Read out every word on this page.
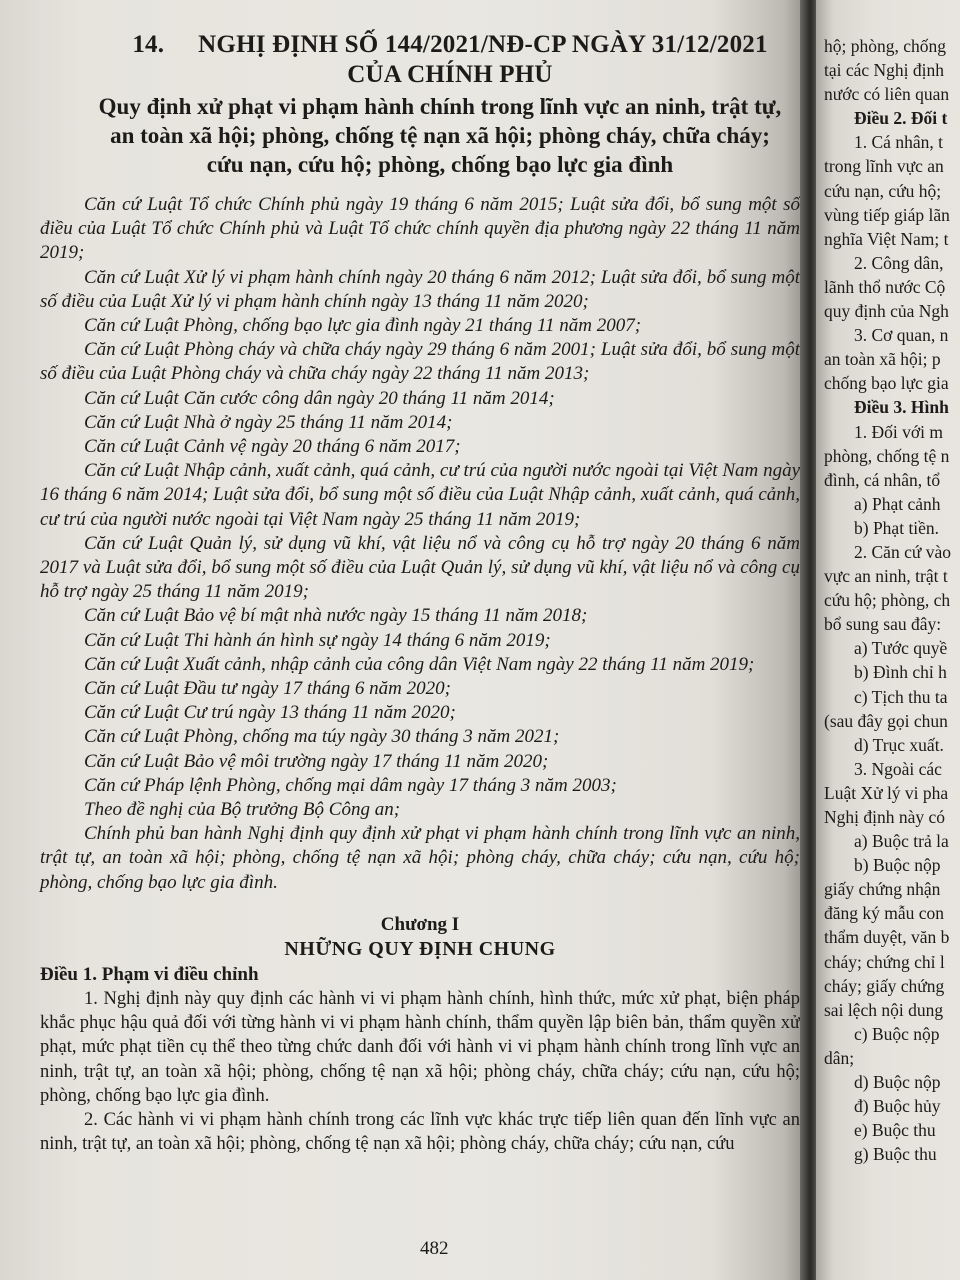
14. NGHỊ ĐỊNH SỐ 144/2021/NĐ-CP NGÀY 31/12/2021
CỦA CHÍNH PHỦ
Quy định xử phạt vi phạm hành chính trong lĩnh vực an ninh, trật tự,
an toàn xã hội; phòng, chống tệ nạn xã hội; phòng cháy, chữa cháy;
cứu nạn, cứu hộ; phòng, chống bạo lực gia đình

Căn cứ Luật Tổ chức Chính phủ ngày 19 tháng 6 năm 2015; Luật sửa đổi, bổ sung một số điều của Luật Tổ chức Chính phủ và Luật Tổ chức chính quyền địa phương ngày 22 tháng 11 năm 2019;

Căn cứ Luật Xử lý vi phạm hành chính ngày 20 tháng 6 năm 2012; Luật sửa đổi, bổ sung một số điều của Luật Xử lý vi phạm hành chính ngày 13 tháng 11 năm 2020;

Căn cứ Luật Phòng, chống bạo lực gia đình ngày 21 tháng 11 năm 2007;

Căn cứ Luật Phòng cháy và chữa cháy ngày 29 tháng 6 năm 2001; Luật sửa đổi, bổ sung một số điều của Luật Phòng cháy và chữa cháy ngày 22 tháng 11 năm 2013;

Căn cứ Luật Căn cước công dân ngày 20 tháng 11 năm 2014;

Căn cứ Luật Nhà ở ngày 25 tháng 11 năm 2014;

Căn cứ Luật Cảnh vệ ngày 20 tháng 6 năm 2017;

Căn cứ Luật Nhập cảnh, xuất cảnh, quá cảnh, cư trú của người nước ngoài tại Việt Nam ngày 16 tháng 6 năm 2014; Luật sửa đổi, bổ sung một số điều của Luật Nhập cảnh, xuất cảnh, quá cảnh, cư trú của người nước ngoài tại Việt Nam ngày 25 tháng 11 năm 2019;

Căn cứ Luật Quản lý, sử dụng vũ khí, vật liệu nổ và công cụ hỗ trợ ngày 20 tháng 6 năm 2017 và Luật sửa đổi, bổ sung một số điều của Luật Quản lý, sử dụng vũ khí, vật liệu nổ và công cụ hỗ trợ ngày 25 tháng 11 năm 2019;

Căn cứ Luật Bảo vệ bí mật nhà nước ngày 15 tháng 11 năm 2018;

Căn cứ Luật Thi hành án hình sự ngày 14 tháng 6 năm 2019;

Căn cứ Luật Xuất cảnh, nhập cảnh của công dân Việt Nam ngày 22 tháng 11 năm 2019;

Căn cứ Luật Đầu tư ngày 17 tháng 6 năm 2020;

Căn cứ Luật Cư trú ngày 13 tháng 11 năm 2020;

Căn cứ Luật Phòng, chống ma túy ngày 30 tháng 3 năm 2021;

Căn cứ Luật Bảo vệ môi trường ngày 17 tháng 11 năm 2020;

Căn cứ Pháp lệnh Phòng, chống mại dâm ngày 17 tháng 3 năm 2003;

Theo đề nghị của Bộ trưởng Bộ Công an;

Chính phủ ban hành Nghị định quy định xử phạt vi phạm hành chính trong lĩnh vực an ninh, trật tự, an toàn xã hội; phòng, chống tệ nạn xã hội; phòng cháy, chữa cháy; cứu nạn, cứu hộ; phòng, chống bạo lực gia đình.

Chương I
NHỮNG QUY ĐỊNH CHUNG
Điều 1. Phạm vi điều chỉnh

1. Nghị định này quy định các hành vi vi phạm hành chính, hình thức, mức xử phạt, biện pháp khắc phục hậu quả đối với từng hành vi vi phạm hành chính, thẩm quyền lập biên bản, thẩm quyền xử phạt, mức phạt tiền cụ thể theo từng chức danh đối với hành vi vi phạm hành chính trong lĩnh vực an ninh, trật tự, an toàn xã hội; phòng, chống tệ nạn xã hội; phòng cháy, chữa cháy; cứu nạn, cứu hộ; phòng, chống bạo lực gia đình.

2. Các hành vi vi phạm hành chính trong các lĩnh vực khác trực tiếp liên quan đến lĩnh vực an ninh, trật tự, an toàn xã hội; phòng, chống tệ nạn xã hội; phòng cháy, chữa cháy; cứu nạn, cứu

482

hộ; phòng, chống

tại các Nghị định

nước có liên quan

Điều 2. Đối t

1. Cá nhân, t

trong lĩnh vực an

cứu nạn, cứu hộ;

vùng tiếp giáp lãn

nghĩa Việt Nam; t

2. Công dân,

lãnh thổ nước Cộ

quy định của Ngh

3. Cơ quan, n

an toàn xã hội; p

chống bạo lực gia

Điều 3. Hình

1. Đối với m

phòng, chống tệ n

đình, cá nhân, tổ

a) Phạt cảnh

b) Phạt tiền.

2. Căn cứ vào

vực an ninh, trật t

cứu hộ; phòng, ch

bổ sung sau đây:

a) Tước quyề

b) Đình chỉ h

c) Tịch thu ta

(sau đây gọi chun

d) Trục xuất.

3. Ngoài các

Luật Xử lý vi pha

Nghị định này có

a) Buộc trả la

b) Buộc nộp

giấy chứng nhận

đăng ký mẫu con

thẩm duyệt, văn b

cháy; chứng chỉ l

cháy; giấy chứng

sai lệch nội dung

c) Buộc nộp

dân;

d) Buộc nộp

đ) Buộc hủy

e) Buộc thu

g) Buộc thu
